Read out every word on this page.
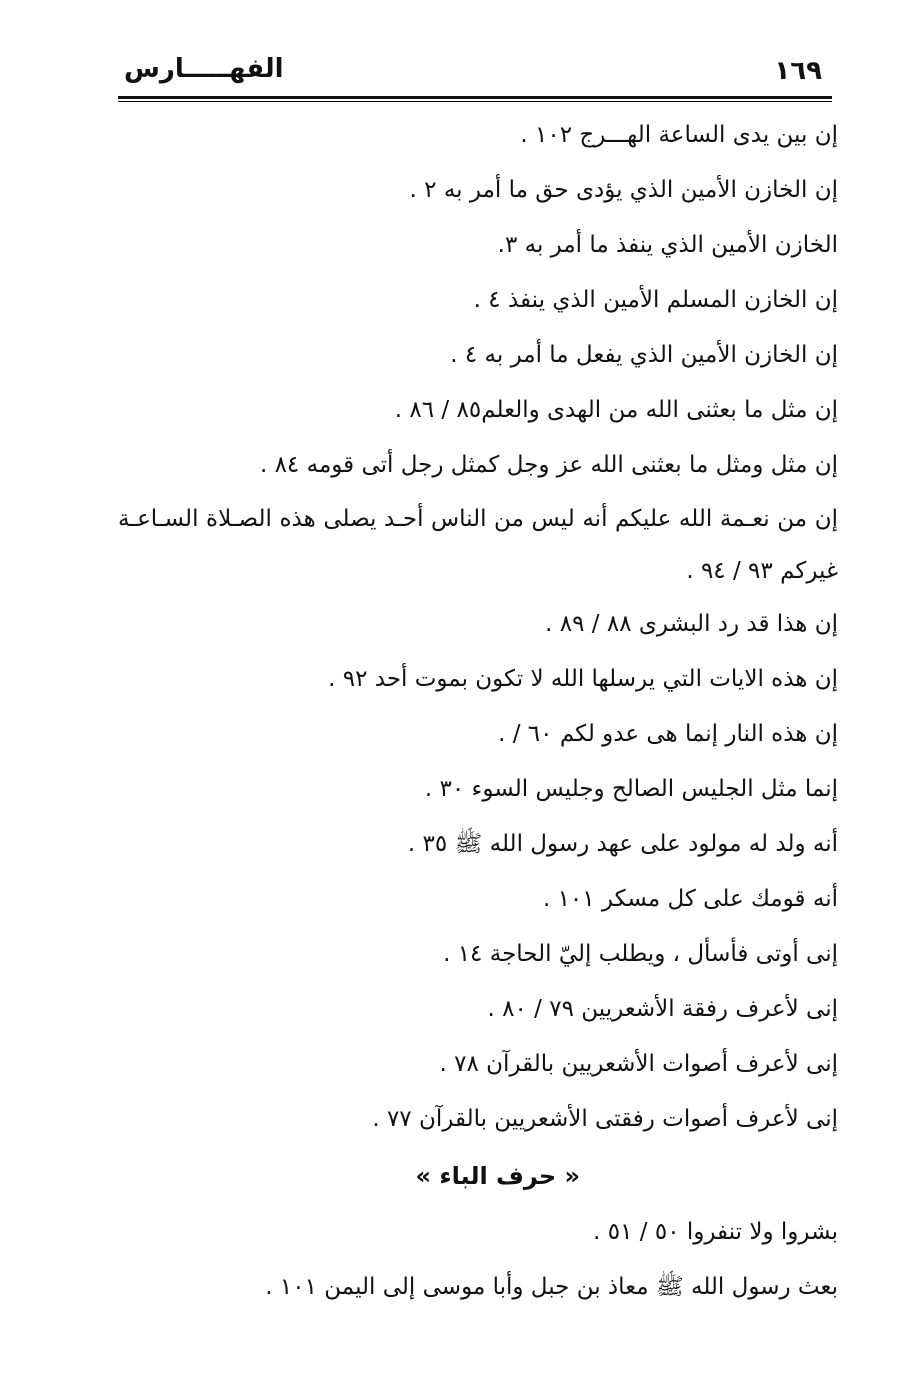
١٦٩
الفهـــــارس
إن بين يدى الساعة الهـــرج ١٠٢ .
إن الخازن الأمين الذي يؤدى حق ما أمر به ٢ .
الخازن الأمين الذي ينفذ ما أمر به ٣.
إن الخازن المسلم الأمين الذي ينفذ ٤ .
إن الخازن الأمين الذي يفعل ما أمر به ٤ .
إن مثل ما بعثنى الله من الهدى والعلم٨٥ / ٨٦ .
إن مثل ومثل ما بعثنى الله عز وجل كمثل رجل أتى قومه ٨٤ .
إن من نعـمة الله عليكم أنه ليس من الناس أحـد يصلى هذه الصـلاة السـاعـة غيركم ٩٣ / ٩٤ .
إن هذا قد رد البشرى ٨٨ / ٨٩ .
إن هذه الايات التي يرسلها الله لا تكون بموت أحد ٩٢ .
إن هذه النار إنما هى عدو لكم ٦٠ / .
إنما مثل الجليس الصالح وجليس السوء ٣٠ .
أنه ولد له مولود على عهد رسول الله ﷺ ٣٥ .
أنه قومك على كل مسكر ١٠١ .
إنى أوتى فأسأل ، ويطلب إليّ الحاجة ١٤ .
إنى لأعرف رفقة الأشعريين ٧٩ / ٨٠ .
إنى لأعرف أصوات الأشعريين بالقرآن ٧٨ .
إنى لأعرف أصوات رفقتى الأشعريين بالقرآن ٧٧ .
« حرف الباء »
بشروا ولا تنفروا ٥٠ / ٥١ .
بعث رسول الله ﷺ معاذ بن جبل وأبا موسى إلى اليمن ١٠١ .
